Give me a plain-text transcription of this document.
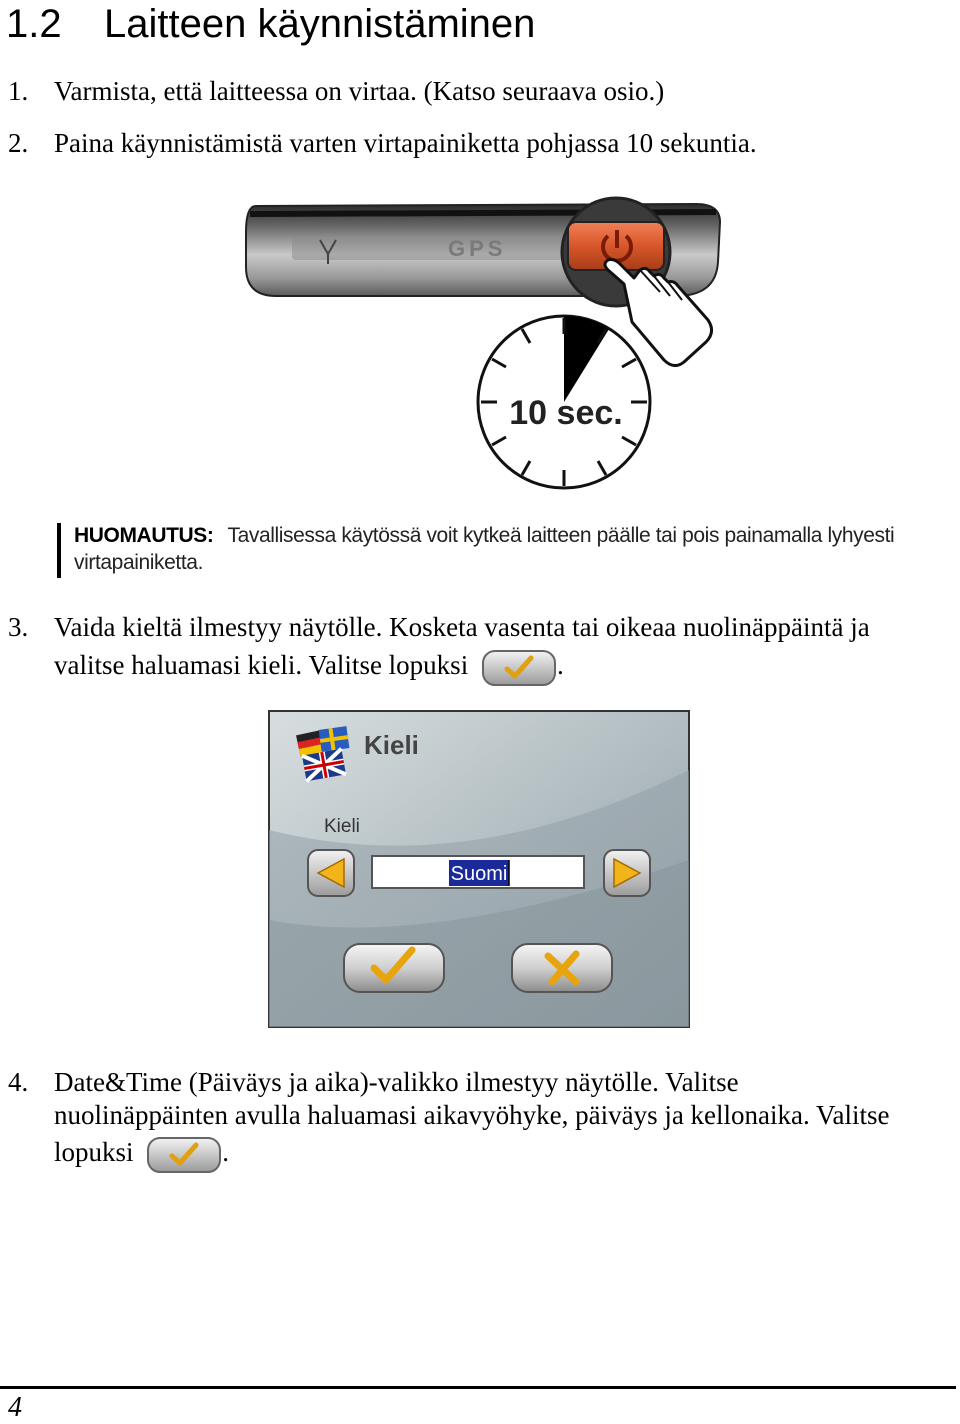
1.2 Laitteen käynnistäminen
1. Varmista, että laitteessa on virtaa. (Katso seuraava osio.)
2. Paina käynnistämistä varten virtapainiketta pohjassa 10 sekuntia.
GPS
10 sec.
HUOMAUTUS: Tavallisessa käytössä voit kytkeä laitteen päälle tai pois painamalla lyhyesti virtapainiketta.
3. Vaida kieltä ilmestyy näytölle. Kosketa vasenta tai oikeaa nuolinäppäintä ja
valitse haluamasi kieli. Valitse lopuksi	.
Kieli
Kieli
Suomi
4. Date&Time (Päiväys ja aika)-valikko ilmestyy näytölle. Valitse
nuolinäppäinten avulla haluamasi aikavyöhyke, päiväys ja kellonaika. Valitse
lopuksi	.
4
